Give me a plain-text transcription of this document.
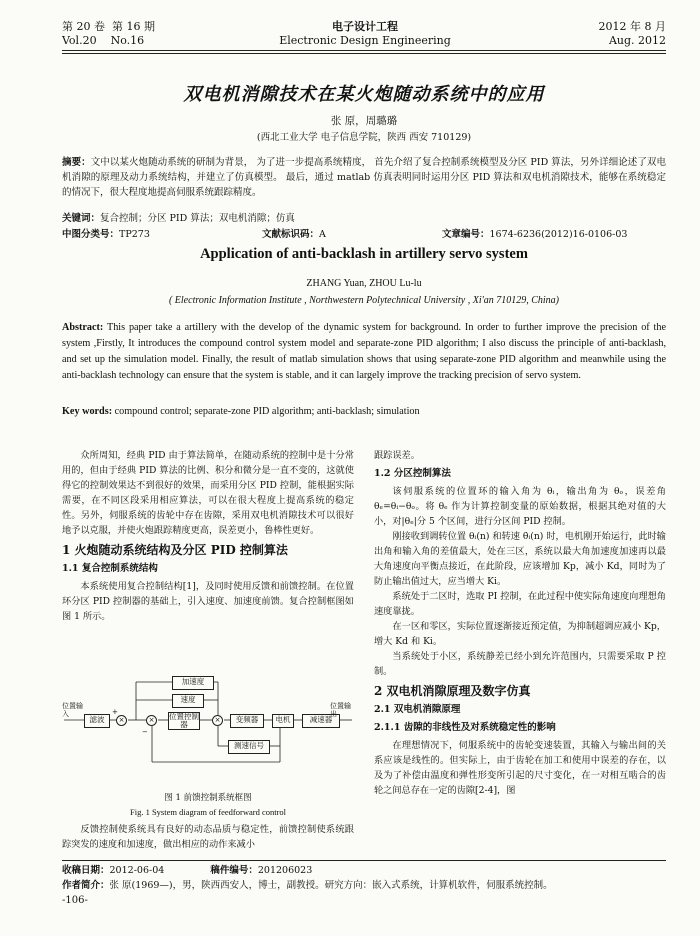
第 20 卷 第 16 期
Vol.20 No.16
电子设计工程
Electronic Design Engineering
2012 年 8 月
Aug. 2012
双电机消隙技术在某火炮随动系统中的应用
张 原，周璐璐
(西北工业大学 电子信息学院，陕西 西安 710129)
摘要：文中以某火炮随动系统的研制为背景， 为了进一步提高系统精度， 首先介绍了复合控制系统模型及分区 PID 算法，另外详细论述了双电机消隙的原理及动力系统结构，并建立了仿真模型。 最后，通过 matlab 仿真表明同时运用分区 PID 算法和双电机消隙技术，能够在系统稳定的情况下，很大程度地提高伺服系统跟踪精度。
关键词：复合控制；分区 PID 算法；双电机消隙；仿真
中图分类号：TP273	文献标识码：A	文章编号：1674-6236(2012)16-0106-03
Application of anti-backlash in artillery servo system
ZHANG Yuan, ZHOU Lu-lu
( Electronic Information Institute , Northwestern Polytechnical University , Xi'an 710129, China)
Abstract: This paper take a artillery with the develop of the dynamic system for background. In order to further improve the precision of the system ,Firstly, It introduces the compound control system model and separate-zone PID algorithm; I also discuss the principle of anti-backlash, and set up the simulation model. Finally, the result of matlab simulation shows that using separate-zone PID algorithm and meanwhile using the anti-backlash technology can ensure that the system is stable, and it can largely improve the tracking precision of servo system.
Key words: compound control; separate-zone PID algorithm; anti-backlash; simulation

众所周知，经典 PID 由于算法简单，在随动系统的控制中是十分常用的，但由于经典 PID 算法的比例、积分和微分是一直不变的，这就使得它的控制效果达不到很好的效果，而采用分区 PID 控制，能根据实际需要，在不同区段采用相应算法，可以在很大程度上提高系统的稳定性。另外，伺服系统的齿轮中存在齿隙，采用双电机消隙技术可以很好地予以克服，并使火炮跟踪精度更高，误差更小，鲁棒性更好。

1 火炮随动系统结构及分区 PID 控制算法
1.1 复合控制系统结构

本系统使用复合控制结构[1]，及同时使用反馈和前馈控制。在位置环分区 PID 控制器的基础上，引入速度、加速度前馈。复合控制框图如图 1 所示。

加速度
速度
位置输入
滤波	×	×	位置控制器	×	变频器	电机	减速器
位置输出
测速信号
+
−
图 1 前馈控制系统框图
Fig. 1 System diagram of feedforward control

反馈控制使系统具有良好的动态品质与稳定性，前馈控制使系统跟踪突发的速度和加速度，做出相应的动作来减小

跟踪误差。

1.2 分区控制算法

该伺服系统的位置环的输入角为 θᵢ，输出角为 θₒ，误差角 θₑ=θᵢ−θₒ。将 θₑ 作为计算控制变量的原始数据，根据其绝对值的大小，对|θₑ|分 5 个区间，进行分区间 PID 控制。

刚接收到调转位置 θᵢ(n) 和转速 θ̇ᵢ(n) 时，电机刚开始运行，此时输出角和输入角的差值最大，处在三区，系统以最大角加速度加速再以最大角速度向平衡点接近，在此阶段，应该增加 Kp，减小 Kd，同时为了防止输出值过大，应当增大 Ki。

系统处于二区时，选取 PI 控制，在此过程中使实际角速度向理想角速度靠拢。

在一区和零区，实际位置逐渐接近预定值，为抑制超调应减小 Kp，增大 Kd 和 Ki。

当系统处于小区，系统静差已经小到允许范围内，只需要采取 P 控制。

2 双电机消隙原理及数字仿真
2.1 双电机消隙原理
2.1.1 齿隙的非线性及对系统稳定性的影响

在理想情况下，伺服系统中的齿轮变速装置，其输入与输出间的关系应该是线性的。但实际上，由于齿轮在加工和使用中误差的存在，以及为了补偿由温度和弹性形变所引起的尺寸变化，在一对相互啮合的齿轮之间总存在一定的齿隙[2-4]，图

收稿日期：2012-06-04	稿件编号：201206023
作者简介：张 原(1969—)，男，陕西西安人，博士，副教授。研究方向：嵌入式系统，计算机软件，伺服系统控制。
-106-
